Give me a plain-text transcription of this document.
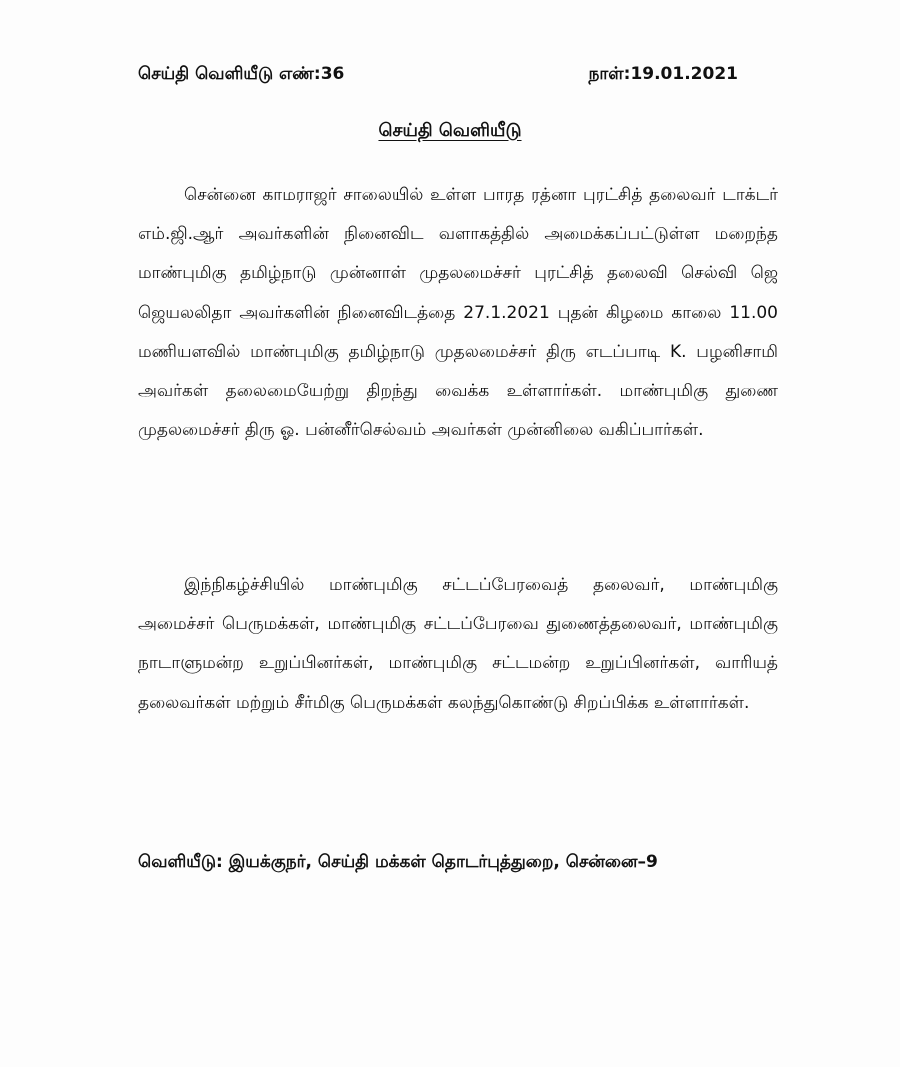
செய்தி வெளியீடு எண்:36	நாள்:19.01.2021
செய்தி வெளியீடு

சென்னை காமராஜர் சாலையில் உள்ள பாரத ரத்னா புரட்சித் தலைவர் டாக்டர் எம்.ஜி.ஆர் அவர்களின் நினைவிட வளாகத்தில் அமைக்கப்பட்டுள்ள மறைந்த மாண்புமிகு தமிழ்நாடு முன்னாள் முதலமைச்சர் புரட்சித் தலைவி செல்வி ஜெ ஜெயலலிதா அவர்களின் நினைவிடத்தை 27.1.2021 புதன் கிழமை காலை 11.00 மணியளவில் மாண்புமிகு தமிழ்நாடு முதலமைச்சர் திரு எடப்பாடி K. பழனிசாமி அவர்கள் தலைமையேற்று திறந்து வைக்க உள்ளார்கள். மாண்புமிகு துணை முதலமைச்சர் திரு ஓ. பன்னீர்செல்வம் அவர்கள் முன்னிலை வகிப்பார்கள்.

இந்நிகழ்ச்சியில் மாண்புமிகு சட்டப்பேரவைத் தலைவர், மாண்புமிகு அமைச்சர் பெருமக்கள், மாண்புமிகு சட்டப்பேரவை துணைத்தலைவர், மாண்புமிகு நாடாளுமன்ற உறுப்பினர்கள், மாண்புமிகு சட்டமன்ற உறுப்பினர்கள், வாரியத் தலைவர்கள் மற்றும் சீர்மிகு பெருமக்கள் கலந்துகொண்டு சிறப்பிக்க உள்ளார்கள்.

வெளியீடு: இயக்குநர், செய்தி மக்கள் தொடர்புத்துறை, சென்னை–9
